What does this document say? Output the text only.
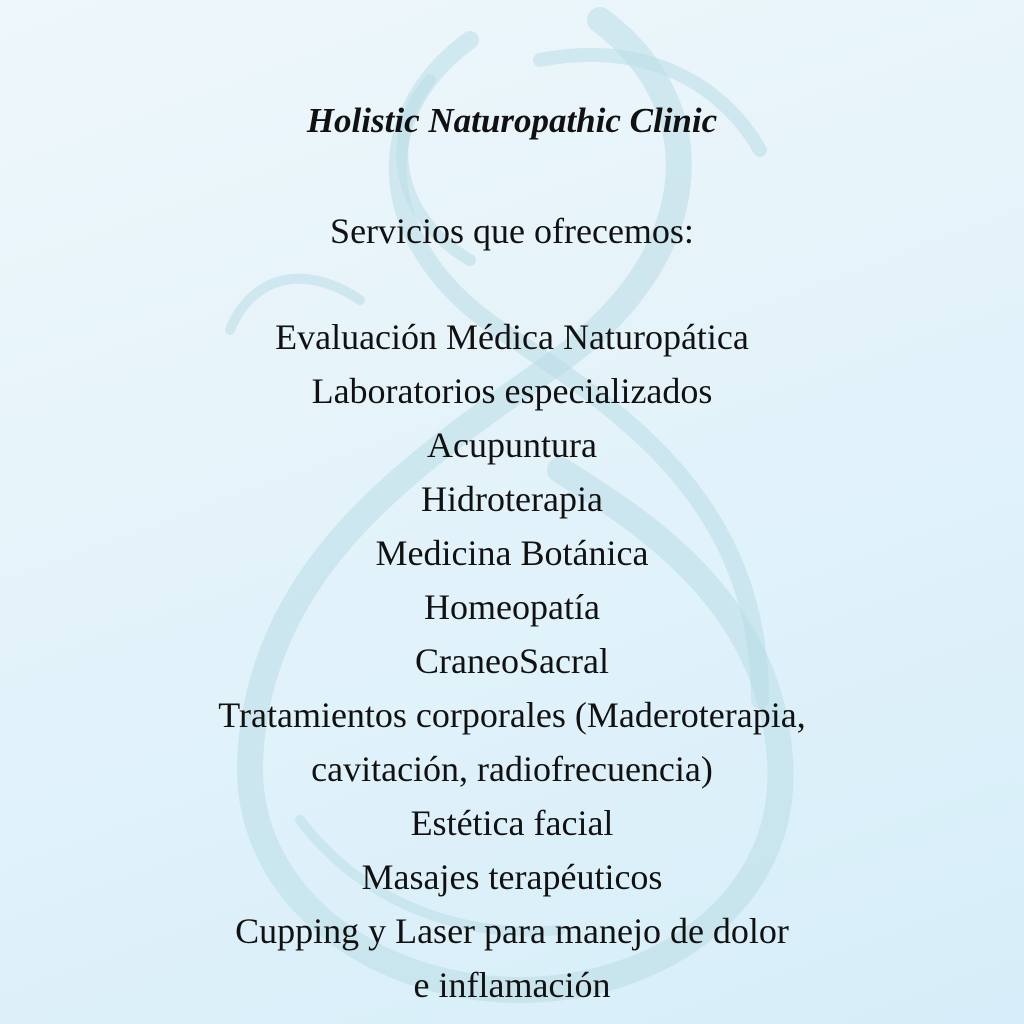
Holistic Naturopathic Clinic
Servicios que ofrecemos:
Evaluación Médica Naturopática
Laboratorios especializados
Acupuntura
Hidroterapia
Medicina Botánica
Homeopatía
CraneoSacral
Tratamientos corporales (Maderoterapia,
cavitación, radiofrecuencia)
Estética facial
Masajes terapéuticos
Cupping y Laser para manejo de dolor
e inflamación
